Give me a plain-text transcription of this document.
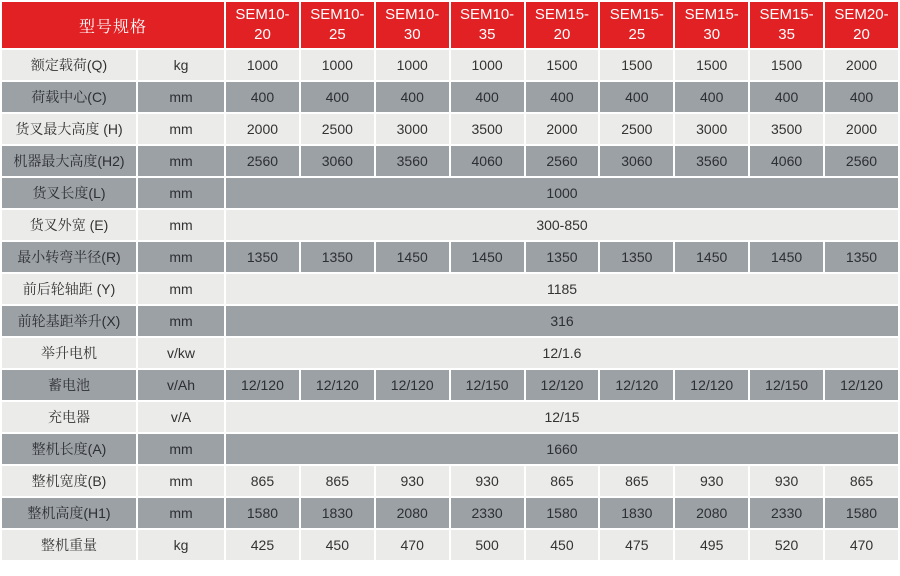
型号规格		SEM10-20	SEM10-25	SEM10-30	SEM10-35	SEM15-20	SEM15-25	SEM15-30	SEM15-35	SEM20-20

额定载荷(Q)	kg	1000	1000	1000	1000	1500	1500	1500	1500	2000
荷载中心(C)	mm	400	400	400	400	400	400	400	400	400
货叉最大高度 (H)	mm	2000	2500	3000	3500	2000	2500	3000	3500	2000
机器最大高度(H2)	mm	2560	3060	3560	4060	2560	3060	3560	4060	2560
货叉长度(L)	mm	1000								
货叉外宽 (E)	mm	300-850								
最小转弯半径(R)	mm	1350	1350	1450	1450	1350	1350	1450	1450	1350
前后轮轴距 (Y)	mm	1185								
前轮基距举升(X)	mm	316								
举升电机	v/kw	12/1.6								
蓄电池	v/Ah	12/120	12/120	12/120	12/150	12/120	12/120	12/120	12/150	12/120
充电器	v/A	12/15								
整机长度(A)	mm	1660								
整机宽度(B)	mm	865	865	930	930	865	865	930	930	865
整机高度(H1)	mm	1580	1830	2080	2330	1580	1830	2080	2330	1580
整机重量	kg	425	450	470	500	450	475	495	520	470
